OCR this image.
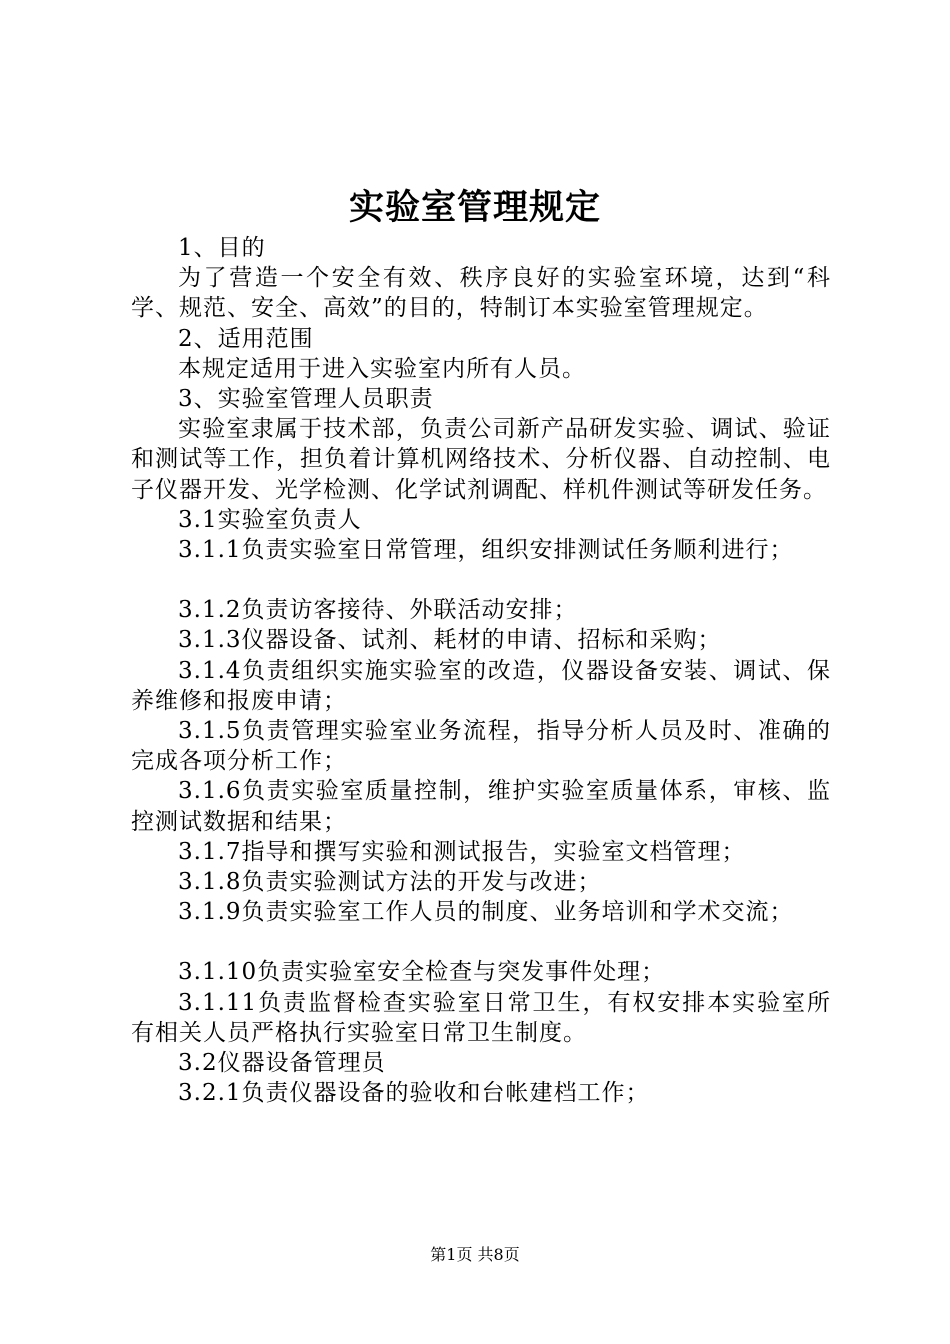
实验室管理规定

1、目的

为了营造一个安全有效、秩序良好的实验室环境，达到“科学、规范、安全、高效”的目的，特制订本实验室管理规定。

2、适用范围

本规定适用于进入实验室内所有人员。

3、实验室管理人员职责

实验室隶属于技术部，负责公司新产品研发实验、调试、验证和测试等工作，担负着计算机网络技术、分析仪器、自动控制、电子仪器开发、光学检测、化学试剂调配、样机件测试等研发任务。

3.1实验室负责人

3.1.1负责实验室日常管理，组织安排测试任务顺利进行；

3.1.2负责访客接待、外联活动安排；

3.1.3仪器设备、试剂、耗材的申请、招标和采购；

3.1.4负责组织实施实验室的改造，仪器设备安装、调试、保养维修和报废申请；

3.1.5负责管理实验室业务流程，指导分析人员及时、准确的完成各项分析工作；

3.1.6负责实验室质量控制，维护实验室质量体系，审核、监控测试数据和结果；

3.1.7指导和撰写实验和测试报告，实验室文档管理；

3.1.8负责实验测试方法的开发与改进；

3.1.9负责实验室工作人员的制度、业务培训和学术交流；

3.1.10负责实验室安全检查与突发事件处理；

3.1.11负责监督检查实验室日常卫生，有权安排本实验室所有相关人员严格执行实验室日常卫生制度。

3.2仪器设备管理员

3.2.1负责仪器设备的验收和台帐建档工作；

第1页 共8页
